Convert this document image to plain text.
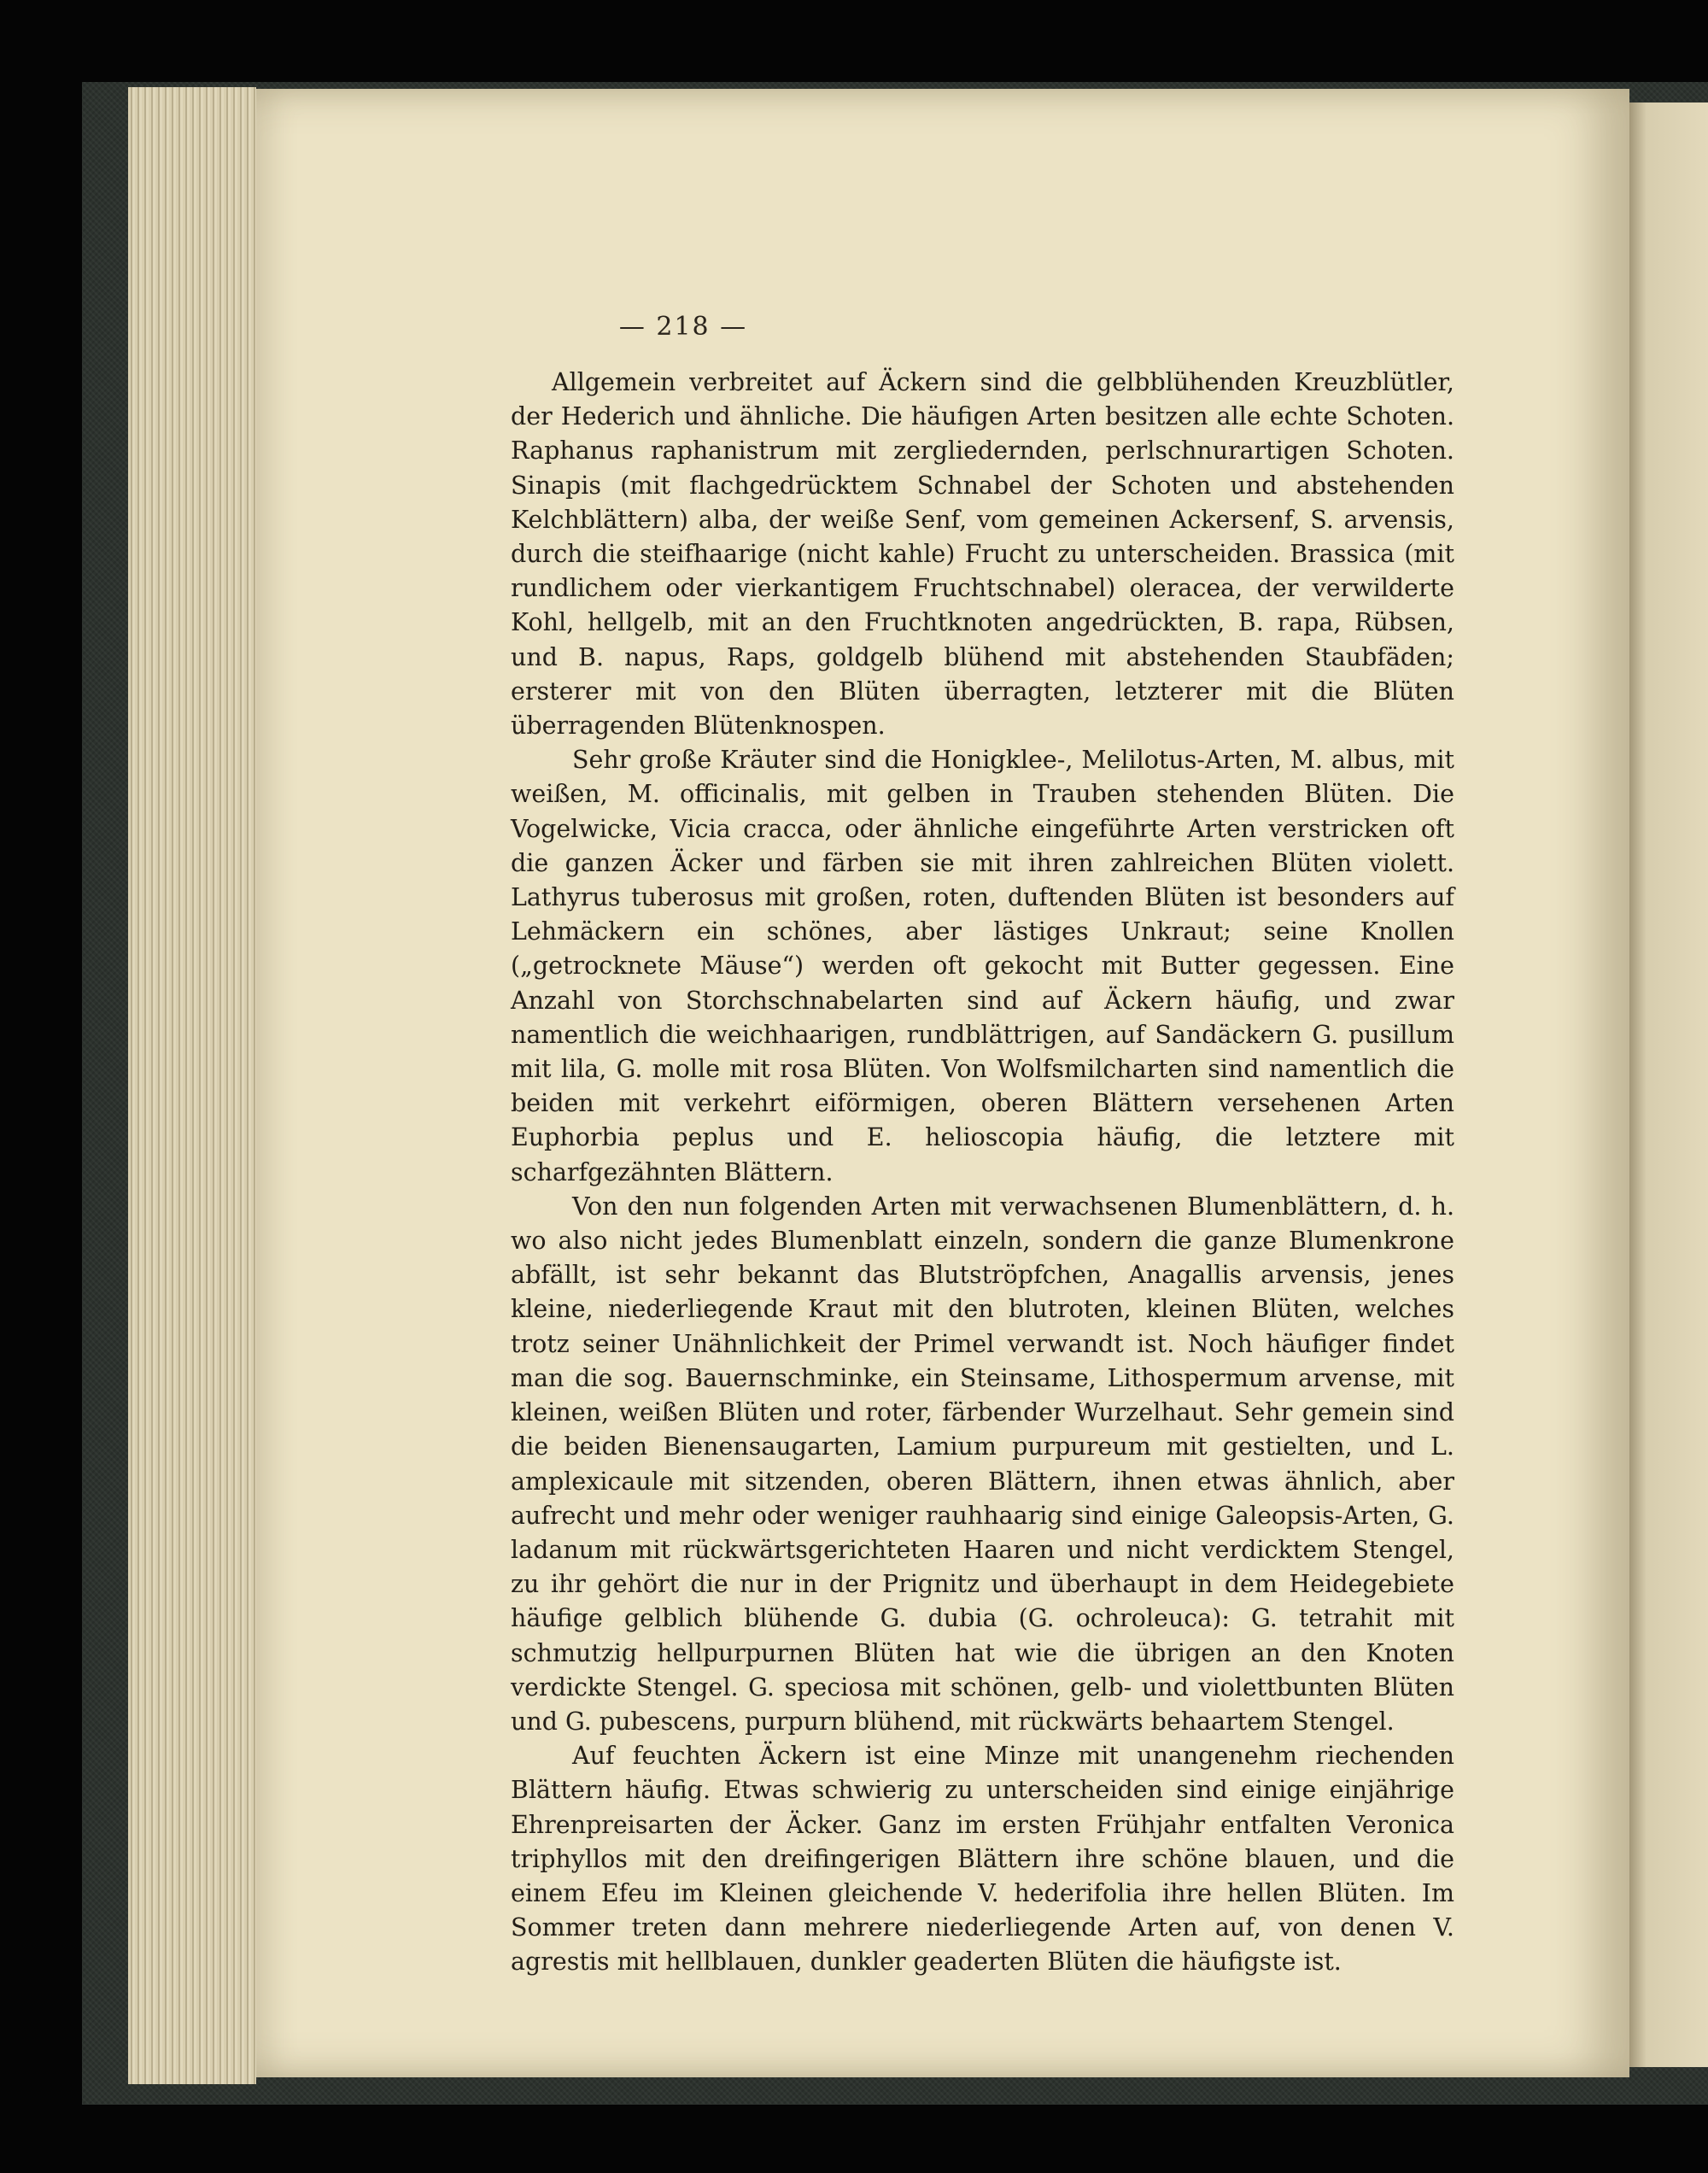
— 218 —

Allgemein verbreitet auf Äckern sind die gelbblühenden Kreuzblütler, der Hederich und ähnliche. Die häufigen Arten besitzen alle echte Schoten. Raphanus raphanistrum mit zergliedernden, perlschnurartigen Schoten. Sinapis (mit flachgedrücktem Schnabel der Schoten und abstehenden Kelchblättern) alba, der weiße Senf, vom gemeinen Ackersenf, S. arvensis, durch die steifhaarige (nicht kahle) Frucht zu unterscheiden. Brassica (mit rundlichem oder vierkantigem Fruchtschnabel) oleracea, der verwilderte Kohl, hellgelb, mit an den Fruchtknoten angedrückten, B. rapa, Rübsen, und B. napus, Raps, goldgelb blühend mit abstehenden Staubfäden; ersterer mit von den Blüten überragten, letzterer mit die Blüten überragenden Blütenknospen.

Sehr große Kräuter sind die Honigklee-, Melilotus-Arten, M. albus, mit weißen, M. officinalis, mit gelben in Trauben stehenden Blüten. Die Vogelwicke, Vicia cracca, oder ähnliche eingeführte Arten verstricken oft die ganzen Äcker und färben sie mit ihren zahlreichen Blüten violett. Lathyrus tuberosus mit großen, roten, duftenden Blüten ist besonders auf Lehmäckern ein schönes, aber lästiges Unkraut; seine Knollen („getrocknete Mäuse“) werden oft gekocht mit Butter gegessen. Eine Anzahl von Storchschnabelarten sind auf Äckern häufig, und zwar namentlich die weichhaarigen, rundblättrigen, auf Sandäckern G. pusillum mit lila, G. molle mit rosa Blüten. Von Wolfsmilcharten sind namentlich die beiden mit verkehrt eiförmigen, oberen Blättern versehenen Arten Euphorbia peplus und E. helioscopia häufig, die letztere mit scharfgezähnten Blättern.

Von den nun folgenden Arten mit verwachsenen Blumenblättern, d. h. wo also nicht jedes Blumenblatt einzeln, sondern die ganze Blumenkrone abfällt, ist sehr bekannt das Blutströpfchen, Anagallis arvensis, jenes kleine, niederliegende Kraut mit den blutroten, kleinen Blüten, welches trotz seiner Unähnlichkeit der Primel verwandt ist. Noch häufiger findet man die sog. Bauernschminke, ein Steinsame, Lithospermum arvense, mit kleinen, weißen Blüten und roter, färbender Wurzelhaut. Sehr gemein sind die beiden Bienensaugarten, Lamium purpureum mit gestielten, und L. amplexicaule mit sitzenden, oberen Blättern, ihnen etwas ähnlich, aber aufrecht und mehr oder weniger rauhhaarig sind einige Galeopsis-Arten, G. ladanum mit rückwärtsgerichteten Haaren und nicht verdicktem Stengel, zu ihr gehört die nur in der Prignitz und überhaupt in dem Heidegebiete häufige gelblich blühende G. dubia (G. ochroleuca): G. tetrahit mit schmutzig hellpurpurnen Blüten hat wie die übrigen an den Knoten verdickte Stengel. G. speciosa mit schönen, gelb- und violettbunten Blüten und G. pubescens, purpurn blühend, mit rückwärts behaartem Stengel.

Auf feuchten Äckern ist eine Minze mit unangenehm riechenden Blättern häufig. Etwas schwierig zu unterscheiden sind einige einjährige Ehrenpreisarten der Äcker. Ganz im ersten Frühjahr entfalten Veronica triphyllos mit den dreifingerigen Blättern ihre schöne blauen, und die einem Efeu im Kleinen gleichende V. hederifolia ihre hellen Blüten. Im Sommer treten dann mehrere niederliegende Arten auf, von denen V. agrestis mit hellblauen, dunkler geaderten Blüten die häufigste ist.
